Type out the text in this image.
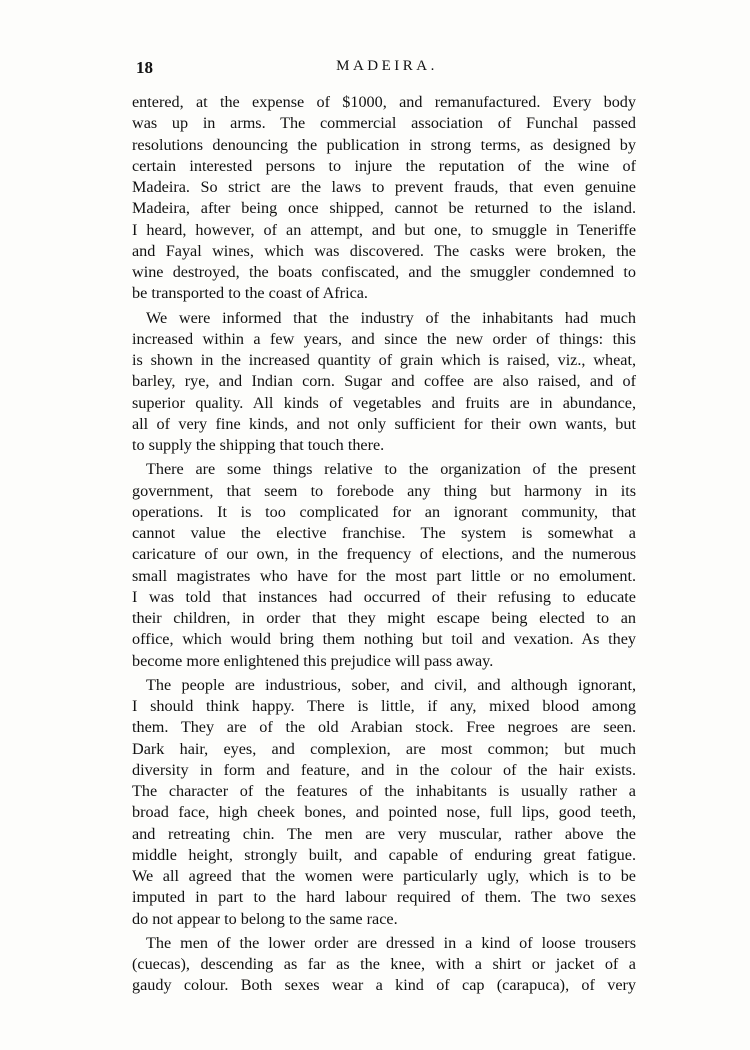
18	MADEIRA.
entered, at the expense of $1000, and remanufactured. Every body
was up in arms. The commercial association of Funchal passed
resolutions denouncing the publication in strong terms, as designed by
certain interested persons to injure the reputation of the wine of
Madeira. So strict are the laws to prevent frauds, that even genuine
Madeira, after being once shipped, cannot be returned to the island.
I heard, however, of an attempt, and but one, to smuggle in Teneriffe
and Fayal wines, which was discovered. The casks were broken, the
wine destroyed, the boats confiscated, and the smuggler condemned to
be transported to the coast of Africa.
We were informed that the industry of the inhabitants had much
increased within a few years, and since the new order of things: this
is shown in the increased quantity of grain which is raised, viz., wheat,
barley, rye, and Indian corn. Sugar and coffee are also raised, and of
superior quality. All kinds of vegetables and fruits are in abundance,
all of very fine kinds, and not only sufficient for their own wants, but
to supply the shipping that touch there.
There are some things relative to the organization of the present
government, that seem to forebode any thing but harmony in its
operations. It is too complicated for an ignorant community, that
cannot value the elective franchise. The system is somewhat a
caricature of our own, in the frequency of elections, and the numerous
small magistrates who have for the most part little or no emolument.
I was told that instances had occurred of their refusing to educate
their children, in order that they might escape being elected to an
office, which would bring them nothing but toil and vexation. As they
become more enlightened this prejudice will pass away.
The people are industrious, sober, and civil, and although ignorant,
I should think happy. There is little, if any, mixed blood among
them. They are of the old Arabian stock. Free negroes are seen.
Dark hair, eyes, and complexion, are most common; but much
diversity in form and feature, and in the colour of the hair exists.
The character of the features of the inhabitants is usually rather a
broad face, high cheek bones, and pointed nose, full lips, good teeth,
and retreating chin. The men are very muscular, rather above the
middle height, strongly built, and capable of enduring great fatigue.
We all agreed that the women were particularly ugly, which is to be
imputed in part to the hard labour required of them. The two sexes
do not appear to belong to the same race.
The men of the lower order are dressed in a kind of loose trousers
(cuecas), descending as far as the knee, with a shirt or jacket of a
gaudy colour. Both sexes wear a kind of cap (carapuca), of very
